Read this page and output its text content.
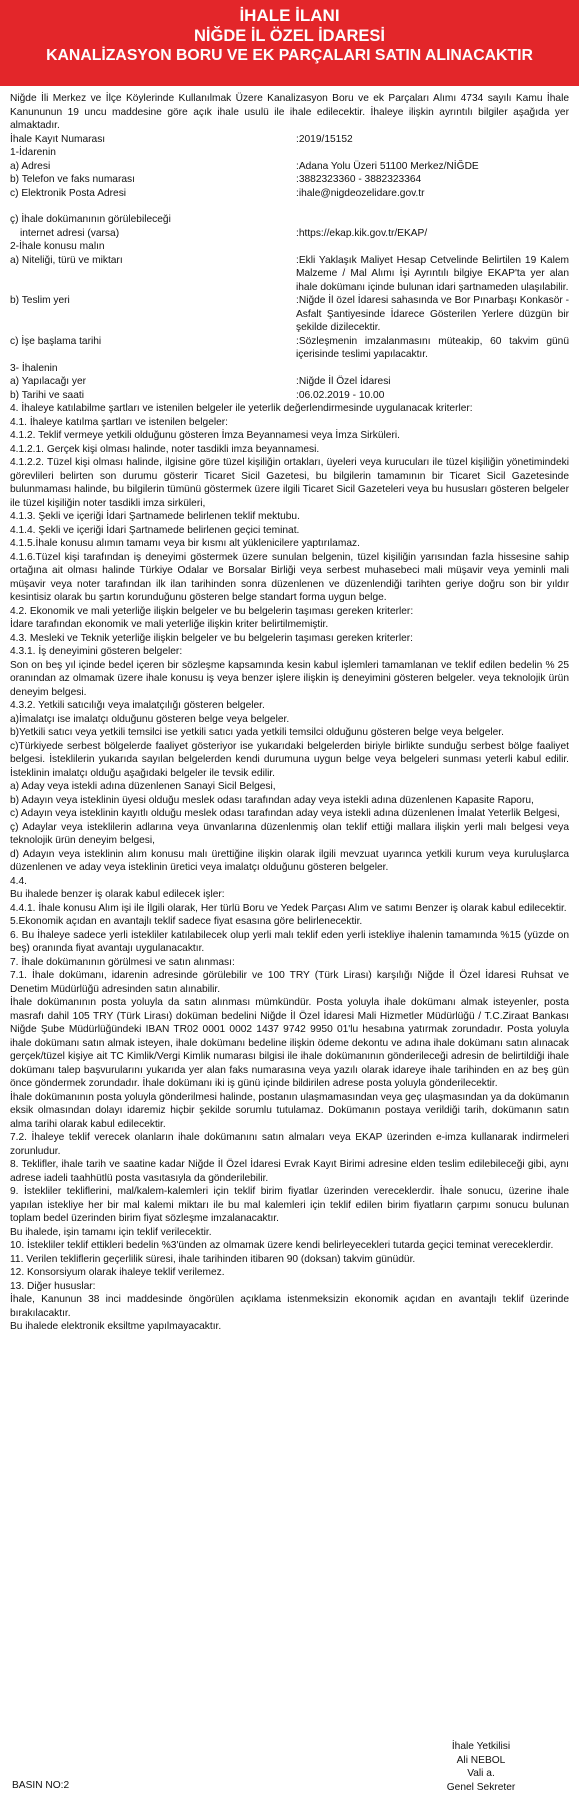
İHALE İLANI
NİĞDE İL ÖZEL İDARESİ
KANALİZASYON BORU VE EK PARÇALARI SATIN ALINACAKTIR

Niğde İli Merkez ve İlçe Köylerinde Kullanılmak Üzere Kanalizasyon Boru ve ek Parçaları Alımı 4734 sayılı Kamu İhale Kanununun 19 uncu maddesine göre açık ihale usulü ile ihale edilecektir. İhaleye ilişkin ayrıntılı bilgiler aşağıda yer almaktadır.

İhale Kayıt Numarası	:2019/15152
1-İdarenin
a) Adresi	:Adana Yolu Üzeri 51100 Merkez/NİĞDE
b) Telefon ve faks numarası	:3882323360 - 3882323364
c) Elektronik Posta Adresi	:ihale@nigdeozelidare.gov.tr
ç) İhale dokümanının görülebileceği
internet adresi (varsa)	:https://ekap.kik.gov.tr/EKAP/
2-İhale konusu malın
a) Niteliği, türü ve miktarı	:Ekli Yaklaşık Maliyet Hesap Cetvelinde Belirtilen 19 Kalem Malzeme / Mal Alımı İşi Ayrıntılı bilgiye EKAP'ta yer alan ihale dokümanı içinde bulunan idari şartnameden ulaşılabilir.
b) Teslim yeri	:Niğde İl özel İdaresi sahasında ve Bor Pınarbaşı Konkasör - Asfalt Şantiyesinde İdarece Gösterilen Yerlere düzgün bir şekilde dizilecektir.
c) İşe başlama tarihi	:Sözleşmenin imzalanmasını müteakip, 60 takvim günü içerisinde teslimi yapılacaktır.
3- İhalenin
a) Yapılacağı yer	:Niğde İl Özel İdaresi
b) Tarihi ve saati	:06.02.2019 - 10.00

4. İhaleye katılabilme şartları ve istenilen belgeler ile yeterlik değerlendirmesinde uygulanacak kriterler:

4.1. İhaleye katılma şartları ve istenilen belgeler:

4.1.2. Teklif vermeye yetkili olduğunu gösteren İmza Beyannamesi veya İmza Sirküleri.

4.1.2.1. Gerçek kişi olması halinde, noter tasdikli imza beyannamesi.

4.1.2.2. Tüzel kişi olması halinde, ilgisine göre tüzel kişiliğin ortakları, üyeleri veya kurucuları ile tüzel kişiliğin yönetimindeki görevlileri belirten son durumu gösterir Ticaret Sicil Gazetesi, bu bilgilerin tamamının bir Ticaret Sicil Gazetesinde bulunmaması halinde, bu bilgilerin tümünü göstermek üzere ilgili Ticaret Sicil Gazeteleri veya bu hususları gösteren belgeler ile tüzel kişiliğin noter tasdikli imza sirküleri,

4.1.3. Şekli ve içeriği İdari Şartnamede belirlenen teklif mektubu.

4.1.4. Şekli ve içeriği İdari Şartnamede belirlenen geçici teminat.

4.1.5.İhale konusu alımın tamamı veya bir kısmı alt yüklenicilere yaptırılamaz.

4.1.6.Tüzel kişi tarafından iş deneyimi göstermek üzere sunulan belgenin, tüzel kişiliğin yarısından fazla hissesine sahip ortağına ait olması halinde Türkiye Odalar ve Borsalar Birliği veya serbest muhasebeci mali müşavir veya yeminli mali müşavir veya noter tarafından ilk ilan tarihinden sonra düzenlenen ve düzenlendiği tarihten geriye doğru son bir yıldır kesintisiz olarak bu şartın korunduğunu gösteren belge standart forma uygun belge.

4.2. Ekonomik ve mali yeterliğe ilişkin belgeler ve bu belgelerin taşıması gereken kriterler:

İdare tarafından ekonomik ve mali yeterliğe ilişkin kriter belirtilmemiştir.

4.3. Mesleki ve Teknik yeterliğe ilişkin belgeler ve bu belgelerin taşıması gereken kriterler:

4.3.1. İş deneyimini gösteren belgeler:

Son on beş yıl içinde bedel içeren bir sözleşme kapsamında kesin kabul işlemleri tamamlanan ve teklif edilen bedelin % 25 oranından az olmamak üzere ihale konusu iş veya benzer işlere ilişkin iş deneyimini gösteren belgeler. veya teknolojik ürün deneyim belgesi.

4.3.2. Yetkili satıcılığı veya imalatçılığı gösteren belgeler.

a)İmalatçı ise imalatçı olduğunu gösteren belge veya belgeler.

b)Yetkili satıcı veya yetkili temsilci ise yetkili satıcı yada yetkili temsilci olduğunu gösteren belge veya belgeler.

c)Türkiyede serbest bölgelerde faaliyet gösteriyor ise yukarıdaki belgelerden biriyle birlikte sunduğu serbest bölge faaliyet belgesi. İsteklilerin yukarıda sayılan belgelerden kendi durumuna uygun belge veya belgeleri sunması yeterli kabul edilir. İsteklinin imalatçı olduğu aşağıdaki belgeler ile tevsik edilir.

a) Aday veya istekli adına düzenlenen Sanayi Sicil Belgesi,

b) Adayın veya isteklinin üyesi olduğu meslek odası tarafından aday veya istekli adına düzenlenen Kapasite Raporu,

c) Adayın veya isteklinin kayıtlı olduğu meslek odası tarafından aday veya istekli adına düzenlenen İmalat Yeterlik Belgesi,

ç) Adaylar veya isteklilerin adlarına veya ünvanlarına düzenlenmiş olan teklif ettiği mallara ilişkin yerli malı belgesi veya teknolojik ürün deneyim belgesi,

d) Adayın veya isteklinin alım konusu malı ürettiğine ilişkin olarak ilgili mevzuat uyarınca yetkili kurum veya kuruluşlarca düzenlenen ve aday veya isteklinin üretici veya imalatçı olduğunu gösteren belgeler.

4.4.

Bu ihalede benzer iş olarak kabul edilecek işler:

4.4.1. İhale konusu Alım işi ile İlgili olarak, Her türlü Boru ve Yedek Parçası Alım ve satımı Benzer iş olarak kabul edilecektir.

5.Ekonomik açıdan en avantajlı teklif sadece fiyat esasına göre belirlenecektir.

6. Bu İhaleye sadece yerli istekliler katılabilecek olup yerli malı teklif eden yerli istekliye ihalenin tamamında %15 (yüzde on beş) oranında fiyat avantajı uygulanacaktır.

7. İhale dokümanının görülmesi ve satın alınması:

7.1. İhale dokümanı, idarenin adresinde görülebilir ve 100 TRY (Türk Lirası) karşılığı Niğde İl Özel İdaresi Ruhsat ve Denetim Müdürlüğü adresinden satın alınabilir.

İhale dokümanının posta yoluyla da satın alınması mümkündür. Posta yoluyla ihale dokümanı almak isteyenler, posta masrafı dahil 105 TRY (Türk Lirası) doküman bedelini Niğde İl Özel İdaresi Mali Hizmetler Müdürlüğü / T.C.Ziraat Bankası Niğde Şube Müdürlüğündeki IBAN TR02 0001 0002 1437 9742 9950 01'lu hesabına yatırmak zorundadır. Posta yoluyla ihale dokümanı satın almak isteyen, ihale dokümanı bedeline ilişkin ödeme dekontu ve adına ihale dokümanı satın alınacak gerçek/tüzel kişiye ait TC Kimlik/Vergi Kimlik numarası bilgisi ile ihale dokümanının gönderileceği adresin de belirtildiği ihale dokümanı talep başvurularını yukarıda yer alan faks numarasına veya yazılı olarak idareye ihale tarihinden en az beş gün önce göndermek zorundadır. İhale dokümanı iki iş günü içinde bildirilen adrese posta yoluyla gönderilecektir.

İhale dokümanının posta yoluyla gönderilmesi halinde, postanın ulaşmamasından veya geç ulaşmasından ya da dokümanın eksik olmasından dolayı idaremiz hiçbir şekilde sorumlu tutulamaz. Dokümanın postaya verildiği tarih, dokümanın satın alma tarihi olarak kabul edilecektir.

7.2. İhaleye teklif verecek olanların ihale dokümanını satın almaları veya EKAP üzerinden e-imza kullanarak indirmeleri zorunludur.

8. Teklifler, ihale tarih ve saatine kadar Niğde İl Özel İdaresi Evrak Kayıt Birimi adresine elden teslim edilebileceği gibi, aynı adrese iadeli taahhütlü posta vasıtasıyla da gönderilebilir.

9. İstekliler tekliflerini, mal/kalem-kalemleri için teklif birim fiyatlar üzerinden vereceklerdir. İhale sonucu, üzerine ihale yapılan istekliye her bir mal kalemi miktarı ile bu mal kalemleri için teklif edilen birim fiyatların çarpımı sonucu bulunan toplam bedel üzerinden birim fiyat sözleşme imzalanacaktır.

Bu ihalede, işin tamamı için teklif verilecektir.

10. İstekliler teklif ettikleri bedelin %3'ünden az olmamak üzere kendi belirleyecekleri tutarda geçici teminat vereceklerdir.

11. Verilen tekliflerin geçerlilik süresi, ihale tarihinden itibaren 90 (doksan) takvim günüdür.

12. Konsorsiyum olarak ihaleye teklif verilemez.

13. Diğer hususlar:

İhale, Kanunun 38 inci maddesinde öngörülen açıklama istenmeksizin ekonomik açıdan en avantajlı teklif üzerinde bırakılacaktır.

Bu ihalede elektronik eksiltme yapılmayacaktır.

BASIN NO:2
İhale Yetkilisi
Ali NEBOL
Vali a.
Genel Sekreter
